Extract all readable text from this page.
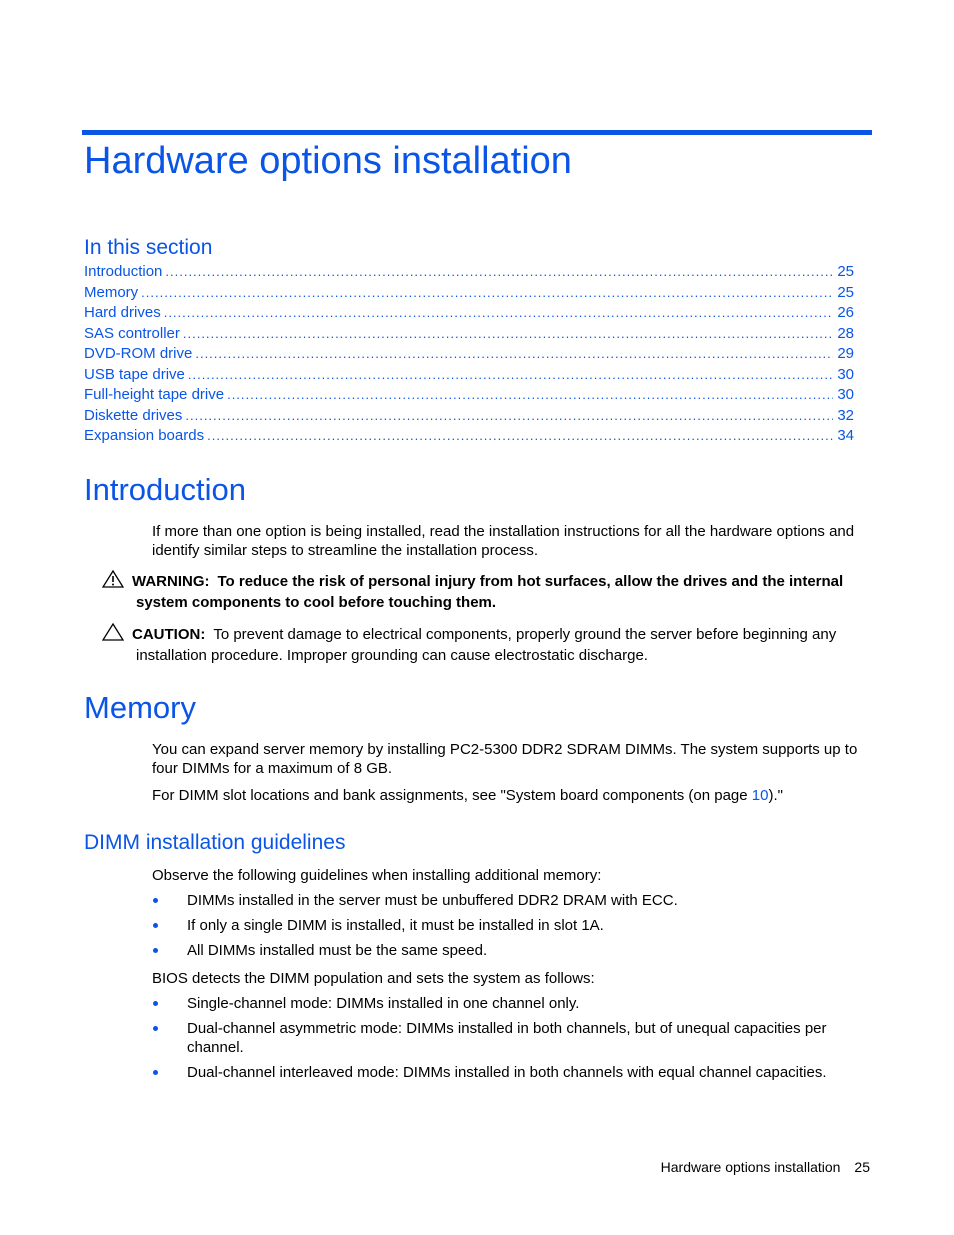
Hardware options installation
In this section
Introduction .....	25
Memory .....	25
Hard drives .....	26
SAS controller .....	28
DVD-ROM drive .....	29
USB tape drive .....	30
Full-height tape drive .....	30
Diskette drives .....	32
Expansion boards .....	34
Introduction

If more than one option is being installed, read the installation instructions for all the hardware options and identify similar steps to streamline the installation process.

WARNING: To reduce the risk of personal injury from hot surfaces, allow the drives and the internal system components to cool before touching them.

CAUTION: To prevent damage to electrical components, properly ground the server before beginning any installation procedure. Improper grounding can cause electrostatic discharge.

Memory

You can expand server memory by installing PC2-5300 DDR2 SDRAM DIMMs. The system supports up to four DIMMs for a maximum of 8 GB.

For DIMM slot locations and bank assignments, see "System board components (on page 10)."

DIMM installation guidelines

Observe the following guidelines when installing additional memory:

DIMMs installed in the server must be unbuffered DDR2 DRAM with ECC.
If only a single DIMM is installed, it must be installed in slot 1A.
All DIMMs installed must be the same speed.

BIOS detects the DIMM population and sets the system as follows:

Single-channel mode: DIMMs installed in one channel only.
Dual-channel asymmetric mode: DIMMs installed in both channels, but of unequal capacities per channel.
Dual-channel interleaved mode: DIMMs installed in both channels with equal channel capacities.
Hardware options installation 25
